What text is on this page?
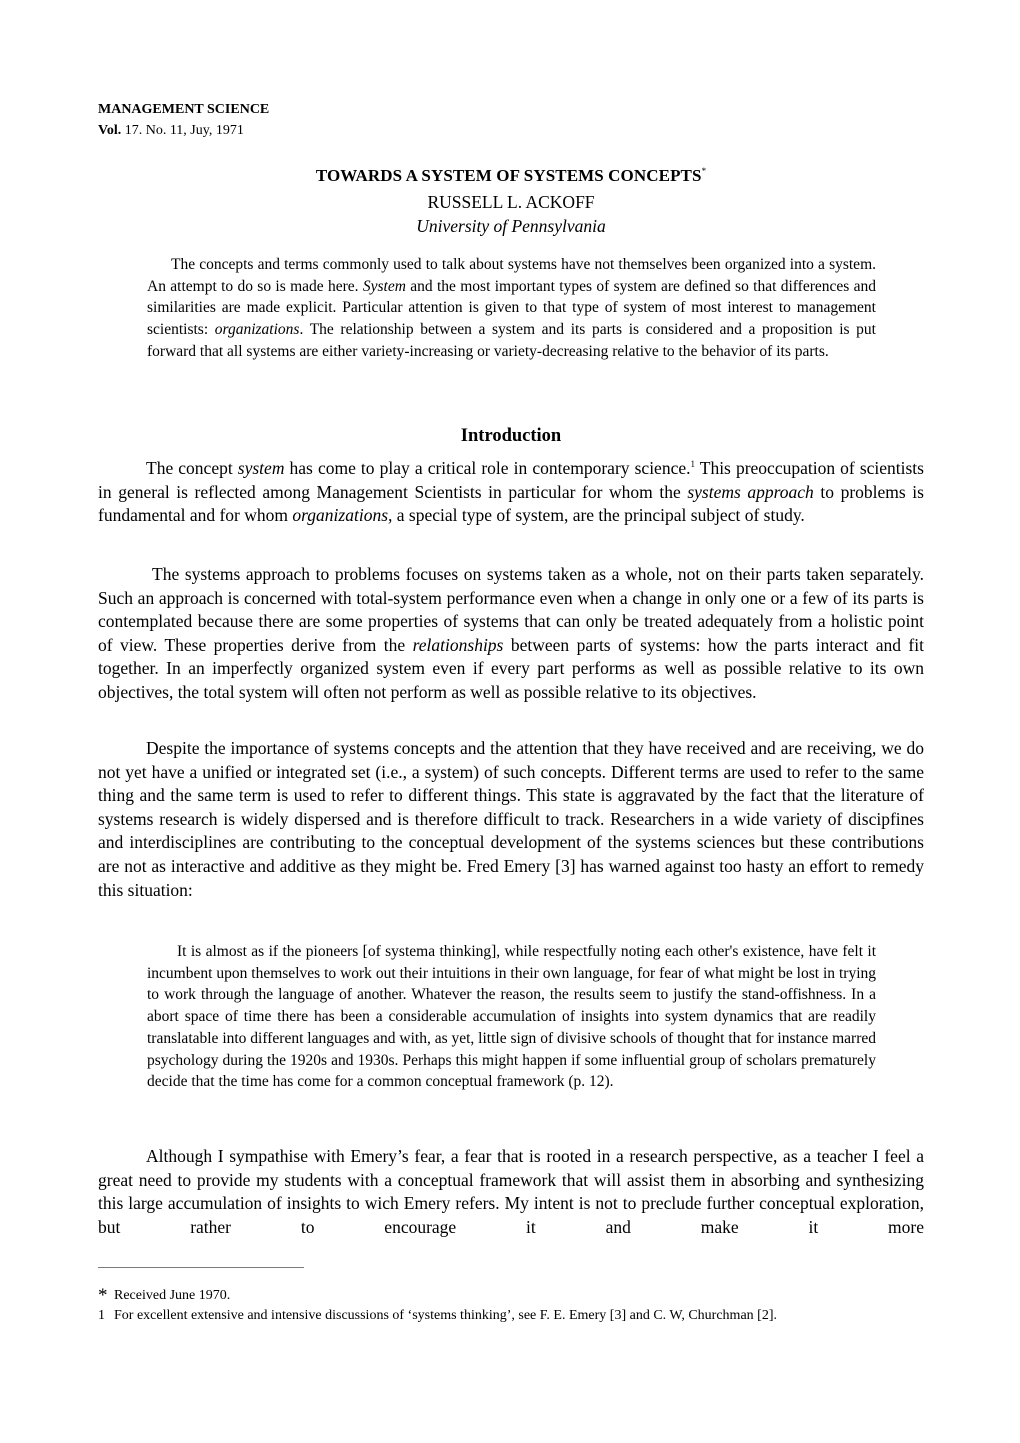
MANAGEMENT SCIENCE
Vol. 17. No. 11, Juy, 1971
TOWARDS A SYSTEM OF SYSTEMS CONCEPTS*
RUSSELL L. ACKOFF
University of Pennsylvania
The concepts and terms commonly used to talk about systems have not themselves been organized into a system. An attempt to do so is made here. System and the most important types of system are defined so that differences and similarities are made explicit. Particular attention is given to that type of system of most interest to management scientists: organizations. The relationship between a system and its parts is considered and a proposition is put forward that all systems are either variety-increasing or variety-decreasing relative to the behavior of its parts.
Introduction

The concept system has come to play a critical role in contemporary science.$^1$ This preoccupation of scientists in general is reflected among Management Scientists in particular for whom the systems approach to problems is fundamental and for whom organizations, a special type of system, are the principal subject of study.

The systems approach to problems focuses on systems taken as a whole, not on their parts taken separately. Such an approach is concerned with total-system performance even when a change in only one or a few of its parts is contemplated because there are some properties of systems that can only be treated adequately from a holistic point of view. These properties derive from the relationships between parts of systems: how the parts interact and fit together. In an imperfectly organized system even if every part performs as well as possible relative to its own objectives, the total system will often not perform as well as possible relative to its objectives.

Despite the importance of systems concepts and the attention that they have received and are receiving, we do not yet have a unified or integrated set (i.e., a system) of such concepts. Different terms are used to refer to the same thing and the same term is used to refer to different things. This state is aggravated by the fact that the literature of systems research is widely dispersed and is therefore difficult to track. Researchers in a wide variety of discipfines and interdisciplines are contributing to the conceptual development of the systems sciences but these contributions are not as interactive and additive as they might be. Fred Emery [3] has warned against too hasty an effort to remedy this situation:

It is almost as if the pioneers [of systema thinking], while respectfully noting each other's existence, have felt it incumbent upon themselves to work out their intuitions in their own language, for fear of what might be lost in trying to work through the language of another. Whatever the reason, the results seem to justify the stand-offishness. In a abort space of time there has been a considerable accumulation of insights into system dynamics that are readily translatable into different languages and with, as yet, little sign of divisive schools of thought that for instance marred psychology during the 1920s and 1930s. Perhaps this might happen if some influential group of scholars prematurely decide that the time has come for a common conceptual framework (p. 12).

Although I sympathise with Emery’s fear, a fear that is rooted in a research perspective, as a teacher I feel a great need to provide my students with a conceptual framework that will assist them in absorbing and synthesizing this large accumulation of insights to wich Emery refers. My intent is not to preclude further conceptual exploration, but rather to encourage it and make it more

* Received June 1970.
1 For excellent extensive and intensive discussions of ‘systems thinking’, see F. E. Emery [3] and C. W, Churchman [2].
